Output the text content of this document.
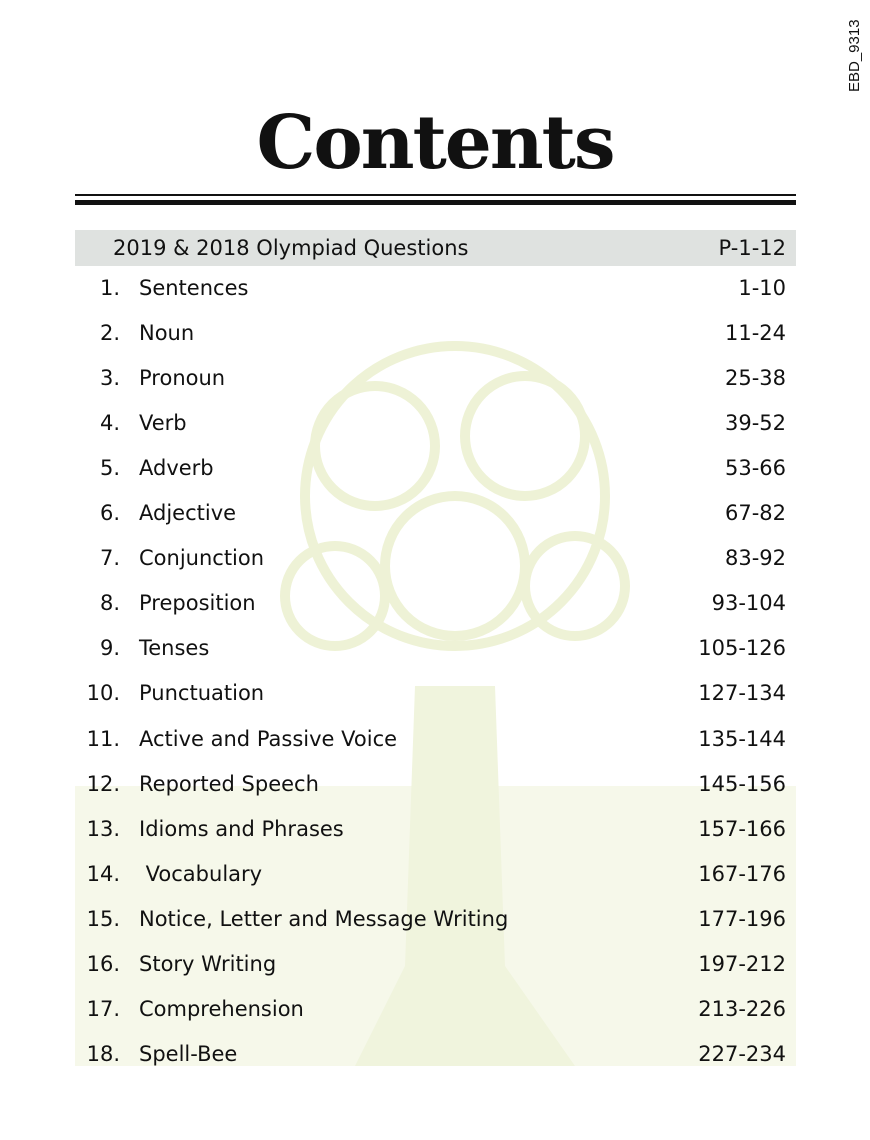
EBD_9313
Contents
2019 & 2018 Olympiad Questions	P-1-12
1. Sentences	1-10
2. Noun	11-24
3. Pronoun	25-38
4. Verb	39-52
5. Adverb	53-66
6. Adjective	67-82
7. Conjunction	83-92
8. Preposition	93-104
9. Tenses	105-126
10. Punctuation	127-134
11. Active and Passive Voice	135-144
12. Reported Speech	145-156
13. Idioms and Phrases	157-166
14. Vocabulary	167-176
15. Notice, Letter and Message Writing	177-196
16. Story Writing	197-212
17. Comprehension	213-226
18. Spell-Bee	227-234
